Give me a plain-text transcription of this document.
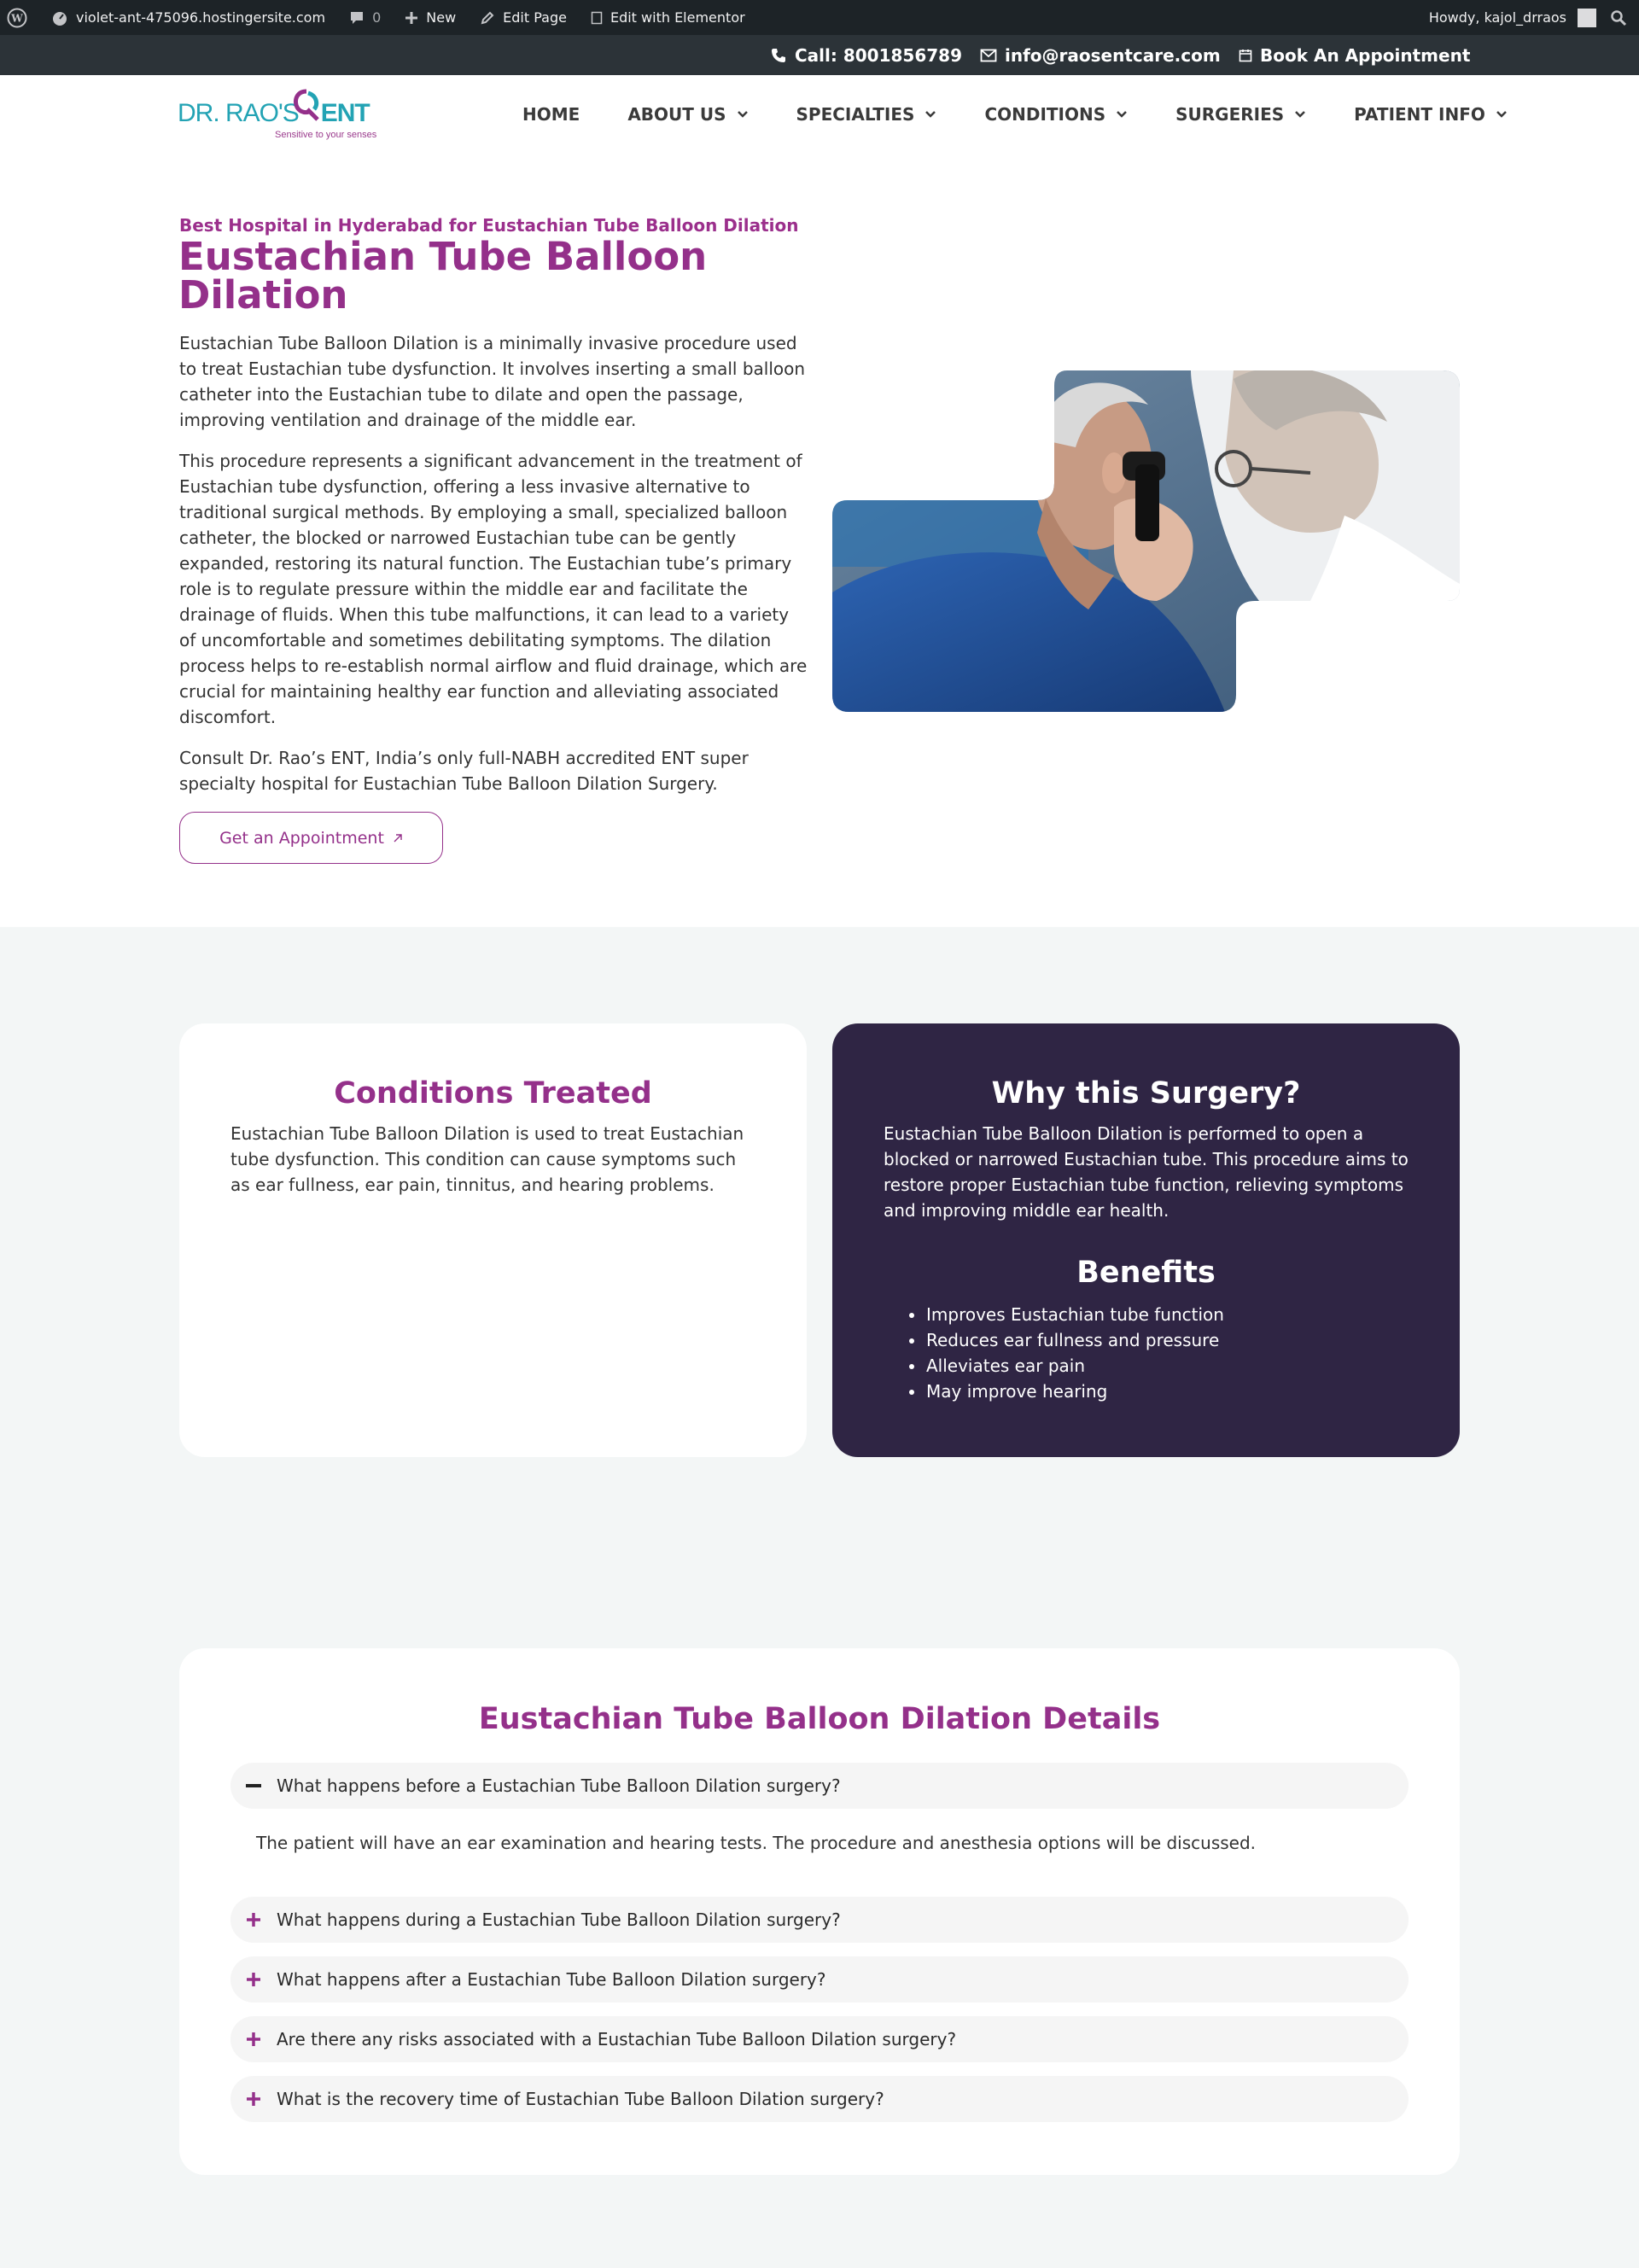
W	violet-ant-475096.hostingersite.com	0	New	Edit Page	Edit with Elementor	Howdy, kajol_drraos
Call: 8001856789 info@raosentcare.com Book An Appointment
DR. RAO'S ENT
Sensitive to your senses
HOME	ABOUT US	SPECIALTIES	CONDITIONS	SURGERIES	PATIENT INFO
Best Hospital in Hyderabad for Eustachian Tube Balloon Dilation
Eustachian Tube Balloon Dilation

Eustachian Tube Balloon Dilation is a minimally invasive procedure used to treat Eustachian tube dysfunction. It involves inserting a small balloon catheter into the Eustachian tube to dilate and open the passage, improving ventilation and drainage of the middle ear.

This procedure represents a significant advancement in the treatment of Eustachian tube dysfunction, offering a less invasive alternative to traditional surgical methods. By employing a small, specialized balloon catheter, the blocked or narrowed Eustachian tube can be gently expanded, restoring its natural function. The Eustachian tube’s primary role is to regulate pressure within the middle ear and facilitate the drainage of fluids. When this tube malfunctions, it can lead to a variety of uncomfortable and sometimes debilitating symptoms. The dilation process helps to re-establish normal airflow and fluid drainage, which are crucial for maintaining healthy ear function and alleviating associated discomfort.

Consult Dr. Rao’s ENT, India’s only full-NABH accredited ENT super specialty hospital for Eustachian Tube Balloon Dilation Surgery.

Get an Appointment
Conditions Treated

Eustachian Tube Balloon Dilation is used to treat Eustachian tube dysfunction. This condition can cause symptoms such as ear fullness, ear pain, tinnitus, and hearing problems.

Why this Surgery?

Eustachian Tube Balloon Dilation is performed to open a blocked or narrowed Eustachian tube. This procedure aims to restore proper Eustachian tube function, relieving symptoms and improving middle ear health.

Benefits
Improves Eustachian tube function
Reduces ear fullness and pressure
Alleviates ear pain
May improve hearing
Eustachian Tube Balloon Dilation Details
What happens before a Eustachian Tube Balloon Dilation surgery?
The patient will have an ear examination and hearing tests. The procedure and anesthesia options will be discussed.
What happens during a Eustachian Tube Balloon Dilation surgery?
What happens after a Eustachian Tube Balloon Dilation surgery?
Are there any risks associated with a Eustachian Tube Balloon Dilation surgery?
What is the recovery time of Eustachian Tube Balloon Dilation surgery?
